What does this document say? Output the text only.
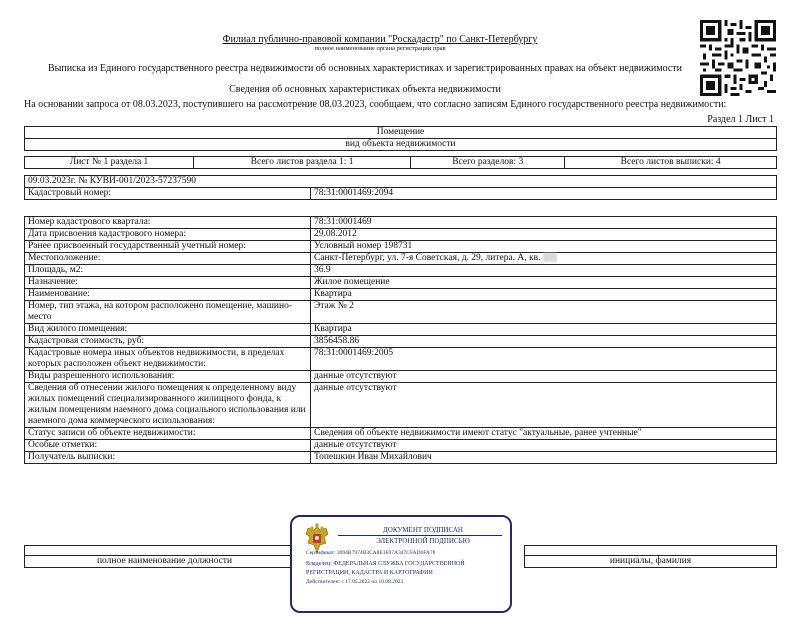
Филиал публично-правовой компании "Роскадастр" по Санкт-Петербургу
полное наименование органа регистрации прав
Выписка из Единого государственного реестра недвижимости об основных характеристиках и зарегистрированных правах на объект недвижимости
Сведения об основных характеристиках объекта недвижимости
На основании запроса от 08.03.2023, поступившего на рассмотрение 08.03.2023, сообщаем, что согласно записям Единого государственного реестра недвижимости:
Раздел 1 Лист 1
Помещение
вид объекта недвижимости

Лист № 1 раздела 1	Всего листов раздела 1: 1	Всего разделов: 3	Всего листов выписки: 4
09.03.2023г. № КУВИ-001/2023-57237590
Кадастровый номер:	78:31:0001469:2094
Номер кадастрового квартала:	78:31:0001469
Дата присвоения кадастрового номера:	29.08.2012
Ранее присвоенный государственный учетный номер:	Условный номер 198731
Местоположение:	Санкт-Петербург, ул. 7-я Советская, д. 29, литера. А, кв.
Площадь, м2:	36.9
Назначение:	Жилое помещение
Наименование:	Квартира
Номер, тип этажа, на котором расположено помещение, машино-место	Этаж № 2
Вид жилого помещения:	Квартира
Кадастровая стоимость, руб:	3856458.86
Кадастровые номера иных объектов недвижимости, в пределах которых расположен объект недвижимости:	78:31:0001469:2005
Виды разрешенного использования:	данные отсутствуют
Сведения об отнесении жилого помещения к определенному виду жилых помещений специализированного жилищного фонда, к жилым помещениям наемного дома социального использования или наемного дома коммерческого использования:	данные отсутствуют
Статус записи об объекте недвижимости:	Сведения об объекте недвижимости имеют статус "актуальные, ранее учтенные"
Особые отметки:	данные отсутствуют
Получатель выписки:	Топешкин Иван Михайлович

полное наименование должности		инициалы, фамилия
ДОКУМЕНТ ПОДПИСАН
ЭЛЕКТРОННОЙ ПОДПИСЬЮ
Сертификат: 3094B7974B3CA8E1F07A347CFAD6FA78
Владелец: ФЕДЕРАЛЬНАЯ СЛУЖБА ГОСУДАРСТВЕННОЙ РЕГИСТРАЦИИ, КАДАСТРА И КАРТОГРАФИИ
Действителен: с 17.05.2022 по 10.08.2023
